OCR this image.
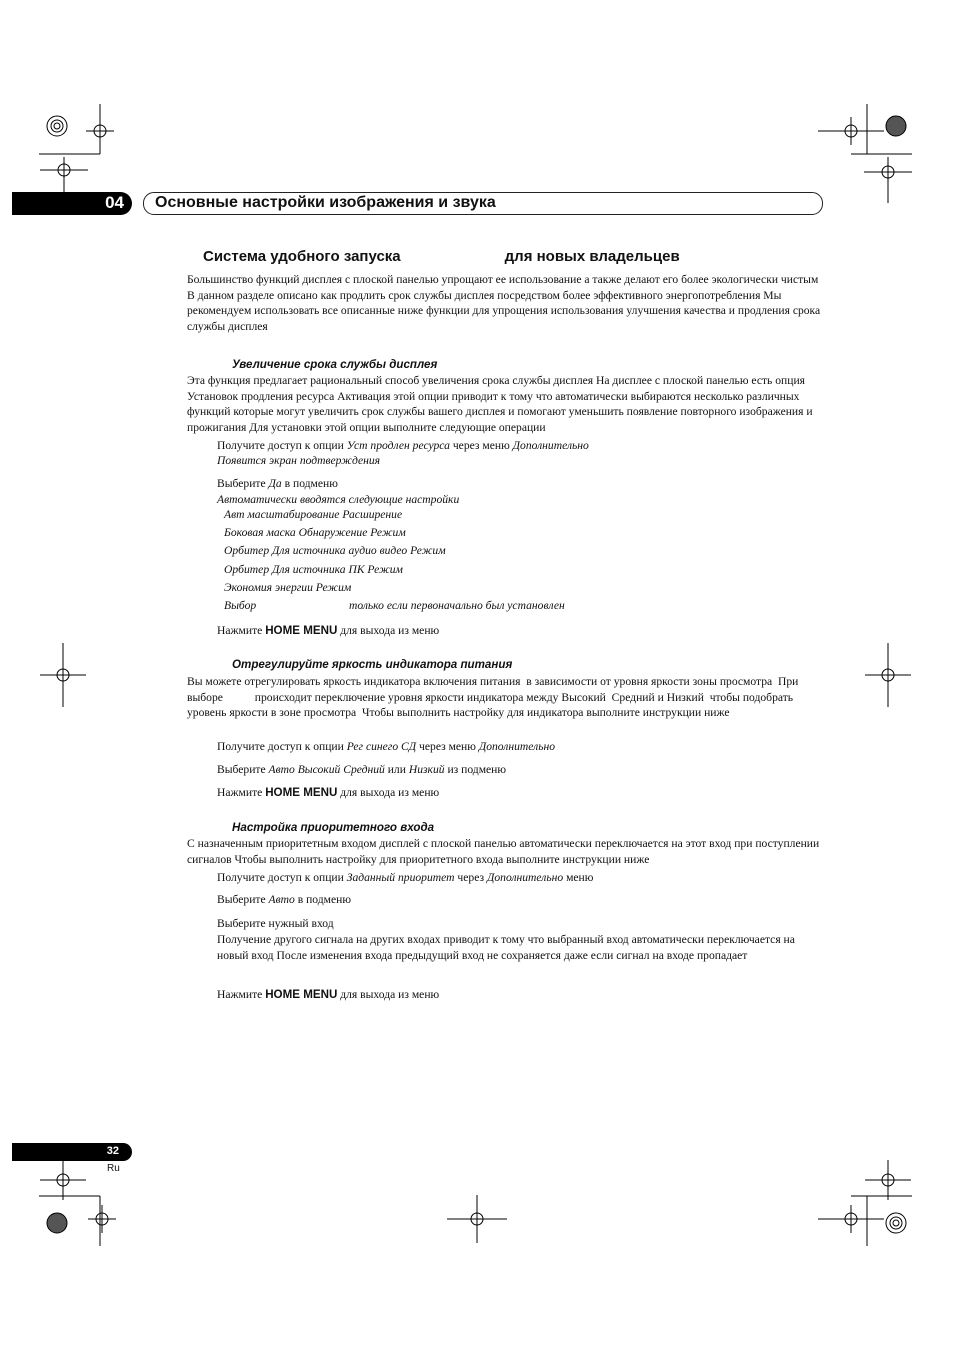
04 Основные настройки изображения и звука
Система удобного запуска	для новых владельцев
Большинство функций дисплея с плоской панелью упрощают ее использование а также делают его более экологически чистым В данном разделе описано как продлить срок службы дисплея посредством более эффективного энергопотребления Мы рекомендуем использовать все описанные ниже функции для упрощения использования улучшения качества и продления срока службы дисплея
Увеличение срока службы дисплея
Эта функция предлагает рациональный способ увеличения срока службы дисплея На дисплее с плоской панелью есть опция Установок продления ресурса Активация этой опции приводит к тому что автоматически выбираются несколько различных функций которые могут увеличить срок службы вашего дисплея и помогают уменьшить появление повторного изображения и прожигания Для установки этой опции выполните следующие операции
Получите доступ к опции Уст продлен ресурса через меню Дополнительно
Появится экран подтверждения
Выберите Да в подменю
Автоматически вводятся следующие настройки
Авт масштабирование Расширение
Боковая маска Обнаружение Режим
Орбитер Для источника аудио видео Режим
Орбитер Для источника ПК Режим
Экономия энергии Режим
Выбор                                только если первоначально был установлен
Нажмите HOME MENU для выхода из меню
Отрегулируйте яркость индикатора питания
Вы можете отрегулировать яркость индикатора включения питания  в зависимости от уровня яркости зоны просмотра  При выборе           происходит переключение уровня яркости индикатора между Высокий  Средний и Низкий  чтобы подобрать уровень яркости в зоне просмотра  Чтобы выполнить настройку для индикатора выполните инструкции ниже
Получите доступ к опции Рег синего СД через меню Дополнительно
Выберите Авто Высокий Средний или Низкий из подменю
Нажмите HOME MENU для выхода из меню
Настройка приоритетного входа
С назначенным приоритетным входом дисплей с плоской панелью автоматически переключается на этот вход при поступлении сигналов Чтобы выполнить настройку для приоритетного входа выполните инструкции ниже
Получите доступ к опции Заданный приоритет через Дополнительно меню
Выберите Авто в подменю
Выберите нужный вход
Получение другого сигнала на других входах приводит к тому что выбранный вход автоматически переключается на новый вход После изменения входа предыдущий вход не сохраняется даже если сигнал на входе пропадает
Нажмите HOME MENU для выхода из меню
32
Ru
